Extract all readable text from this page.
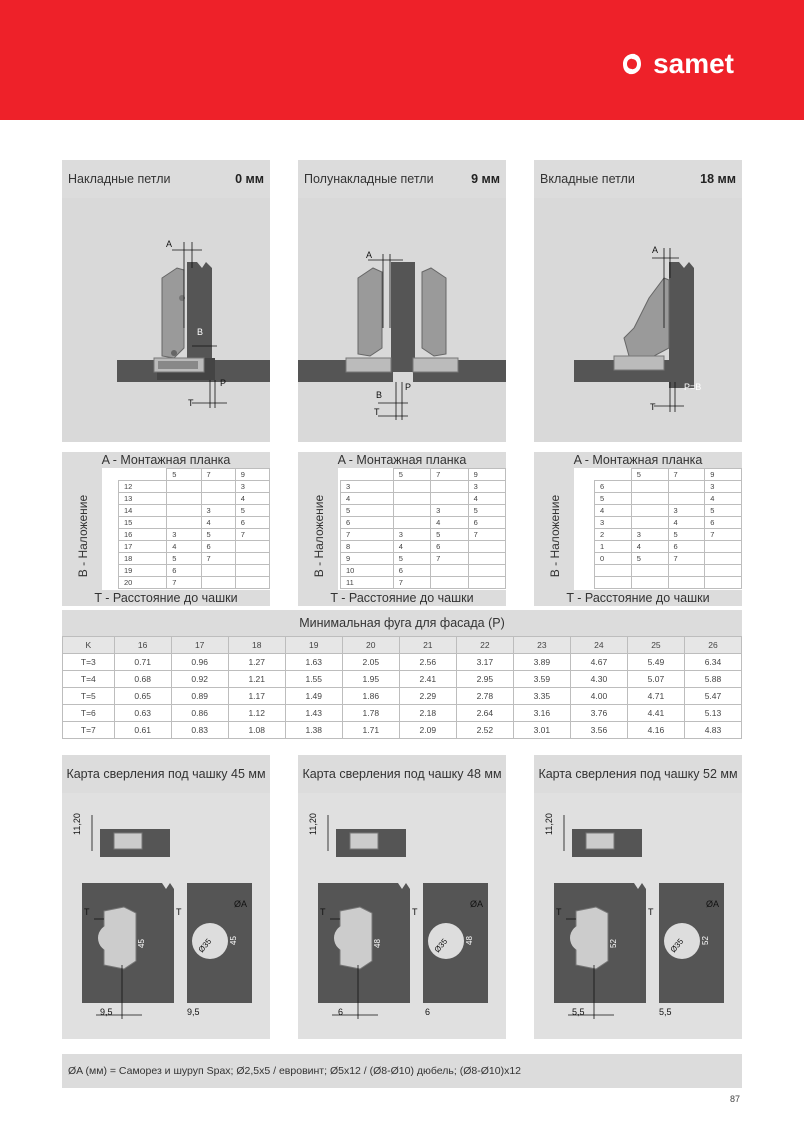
samet
Накладные петли	0 мм
A
B
P
T
Полунакладные петли	9 мм
A
P
B
T
Вкладные петли	18 мм
A
P=B
T
A - Монтажная планка
B - Наложение
	5	7	9
12			3
13			4
14		3	5
15		4	6
16	3	5	7
17	4	6	
18	5	7	
19	6		
20	7		
T - Расстояние до чашки
A - Монтажная планка
B - Наложение
	5	7	9
3			3
4			4
5		3	5
6		4	6
7	3	5	7
8	4	6	
9	5	7	
10	6		
11	7		
T - Расстояние до чашки
A - Монтажная планка
B - Наложение
	5	7	9
6			3
5			4
4		3	5
3		4	6
2	3	5	7
1	4	6	
0	5	7	

T - Расстояние до чашки
Минимальная фуга для фасада (P)
K	16	17	18	19	20	21	22	23	24	25	26
T=3	0.71	0.96	1.27	1.63	2.05	2.56	3.17	3.89	4.67	5.49	6.34
T=4	0.68	0.92	1.21	1.55	1.95	2.41	2.95	3.59	4.30	5.07	5.88
T=5	0.65	0.89	1.17	1.49	1.86	2.29	2.78	3.35	4.00	4.71	5.47
T=6	0.63	0.86	1.12	1.43	1.78	2.18	2.64	3.16	3.76	4.41	5.13
T=7	0.61	0.83	1.08	1.38	1.71	2.09	2.52	3.01	3.56	4.16	4.83
Карта сверления под чашку 45 мм
11,20
T
45
9,5
Ø35
ØA
45
9,5
T
Карта сверления под чашку 48 мм
11,20
T
48
6
Ø35
ØA
48
6
T
Карта сверления под чашку 52 мм
11,20
T
52
5,5
Ø35
ØA
52
5,5
T
ØA (мм) = Саморез и шуруп Spax; Ø2,5x5 / евровинт; Ø5x12 / (Ø8-Ø10) дюбель; (Ø8-Ø10)x12
87
